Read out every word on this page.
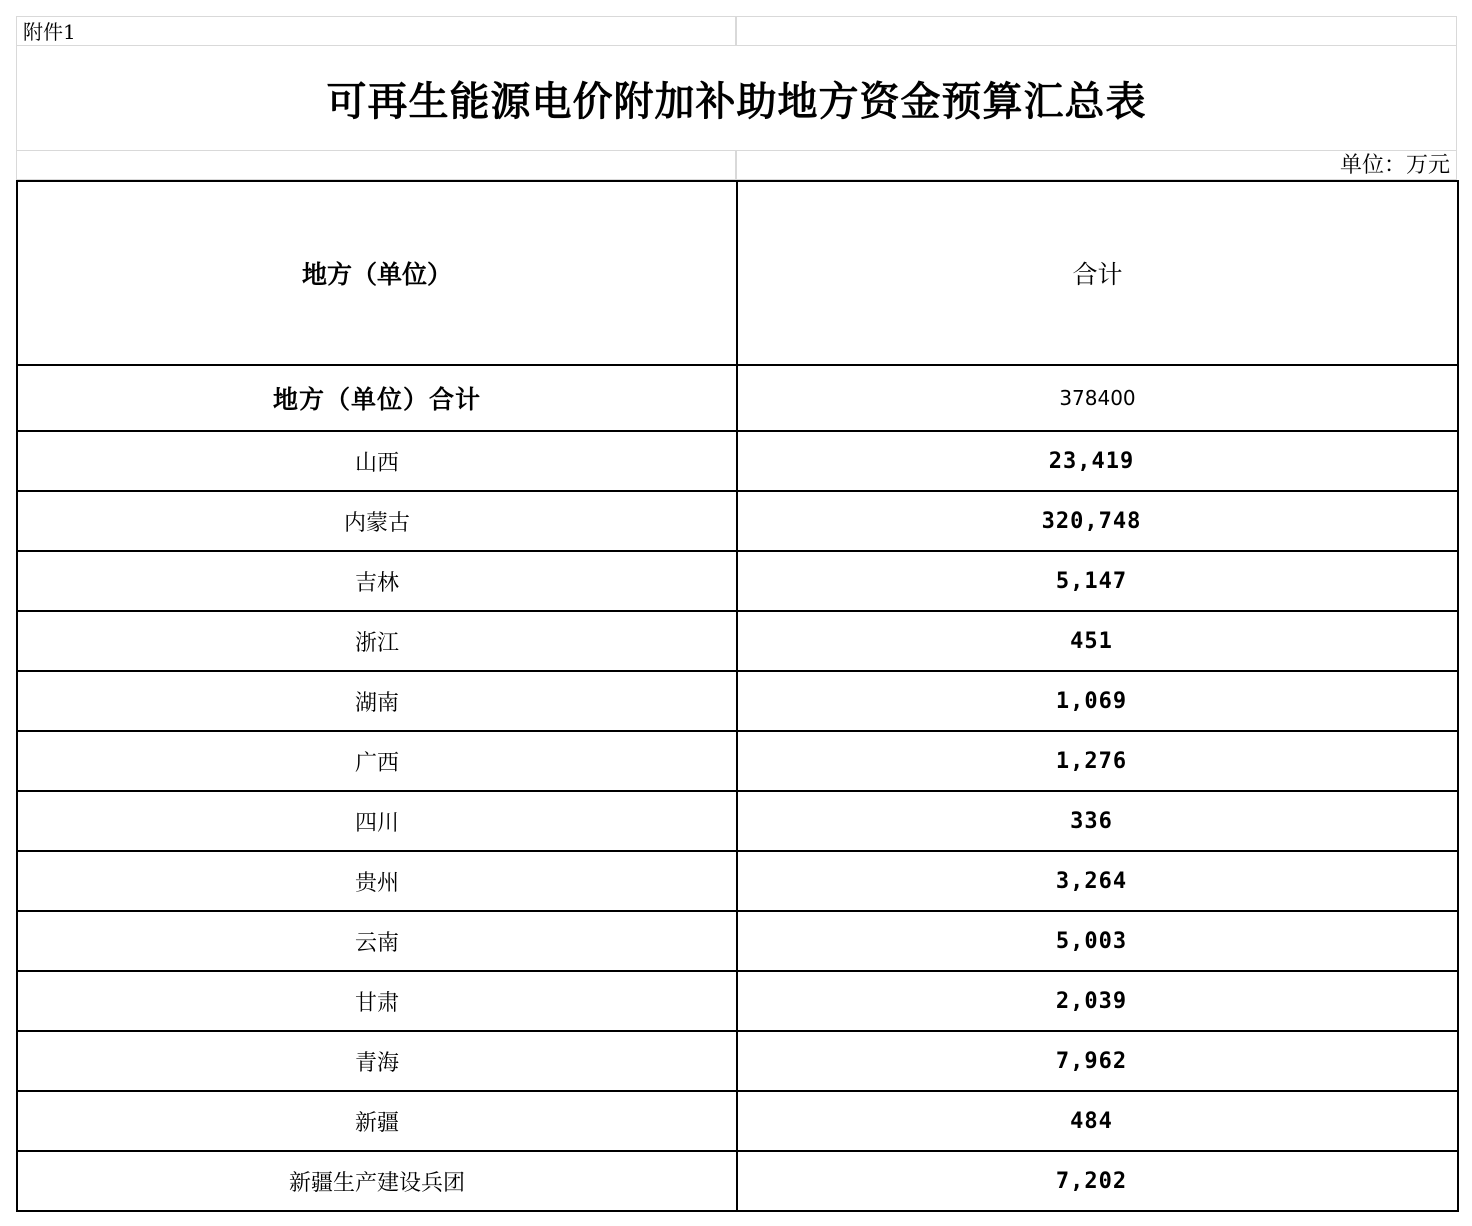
附件1
可再生能源电价附加补助地方资金预算汇总表
单位：万元
地方（单位）	合计
地方（单位）合计	378400
山西	23,419
内蒙古	320,748
吉林	5,147
浙江	451
湖南	1,069
广西	1,276
四川	336
贵州	3,264
云南	5,003
甘肃	2,039
青海	7,962
新疆	484
新疆生产建设兵团	7,202
